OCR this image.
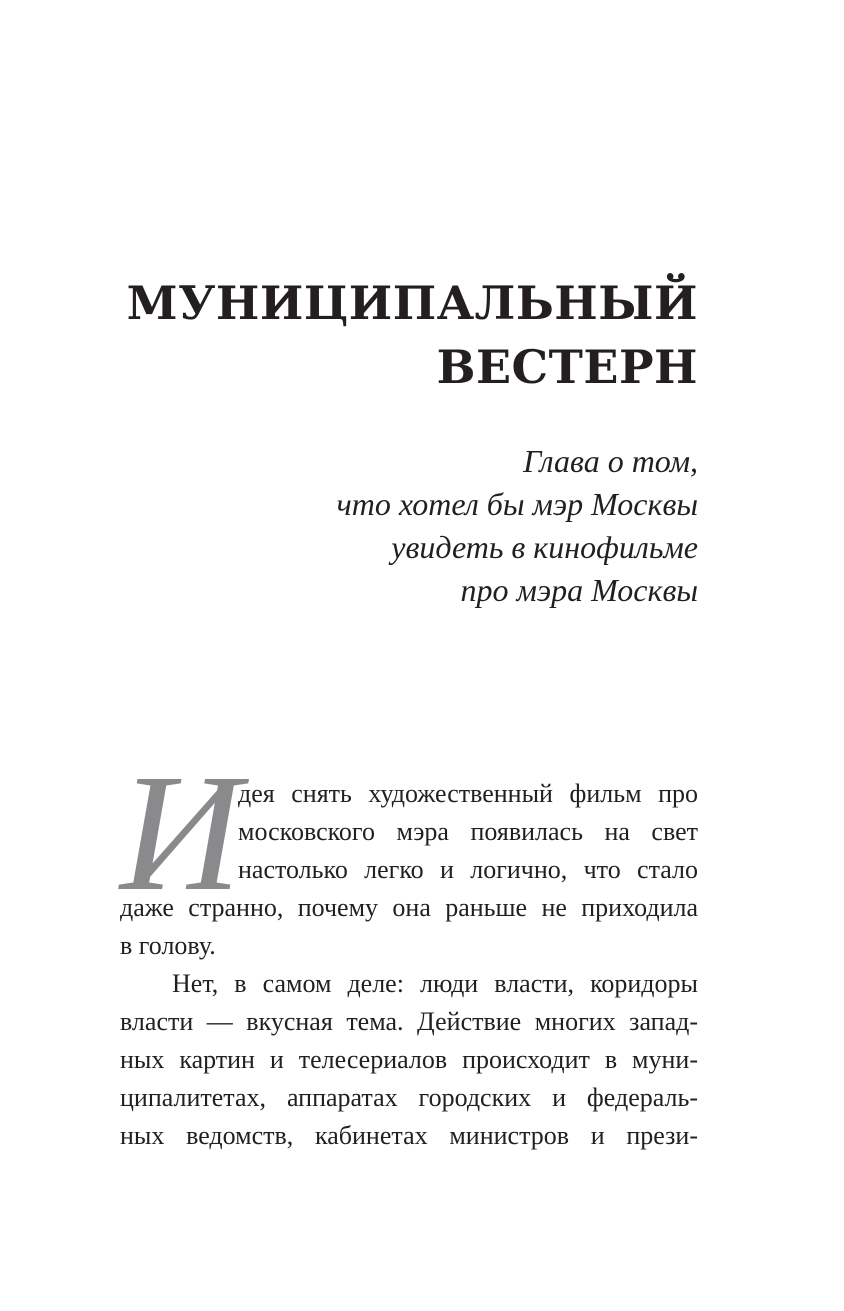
МУНИЦИПАЛЬНЫЙ
ВЕСТЕРН
Глава о том,
что хотел бы мэр Москвы
увидеть в кинофильме
про мэра Москвы
И
дея снять художественный фильм про
московского мэра появилась на свет
настолько легко и логично, что стало
даже странно, почему она раньше не приходила
в голову.
Нет, в самом деле: люди власти, коридоры
власти — вкусная тема. Действие многих запад-
ных картин и телесериалов происходит в муни-
ципалитетах, аппаратах городских и федераль-
ных ведомств, кабинетах министров и прези-
